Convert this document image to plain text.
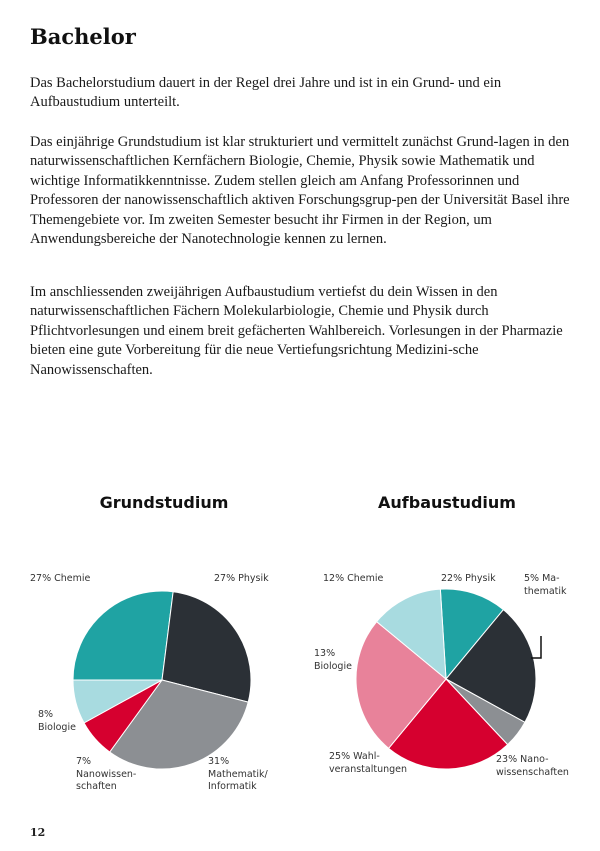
Bachelor

Das Bachelorstudium dauert in der Regel drei Jahre und ist in ein Grund- und ein Aufbaustudium unterteilt.

Das einjährige Grundstudium ist klar strukturiert und vermittelt zunächst Grund-lagen in den naturwissenschaftlichen Kernfächern Biologie, Chemie, Physik sowie Mathematik und wichtige Informatikkenntnisse. Zudem stellen gleich am Anfang Professorinnen und Professoren der nanowissenschaftlich aktiven Forschungsgrup-pen der Universität Basel ihre Themengebiete vor. Im zweiten Semester besucht ihr Firmen in der Region, um Anwendungsbereiche der Nanotechnologie kennen zu lernen.

Im anschliessenden zweijährigen Aufbaustudium vertiefst du dein Wissen in den naturwissenschaftlichen Fächern Molekularbiologie, Chemie und Physik durch Pflichtvorlesungen und einem breit gefächerten Wahlbereich. Vorlesungen in der Pharmazie bieten eine gute Vorbereitung für die neue Vertiefungsrichtung Medizini-sche Nanowissenschaften.

Grundstudium	Aufbaustudium
27% Chemie	27% Physik
31% Mathematik/ Informatik
7% Nanowissen-schaften
8% Biologie
12% Chemie	22% Physik	5% Ma-thematik
23% Nano-wissenschaften
25% Wahl-veranstaltungen
13% Biologie
12
